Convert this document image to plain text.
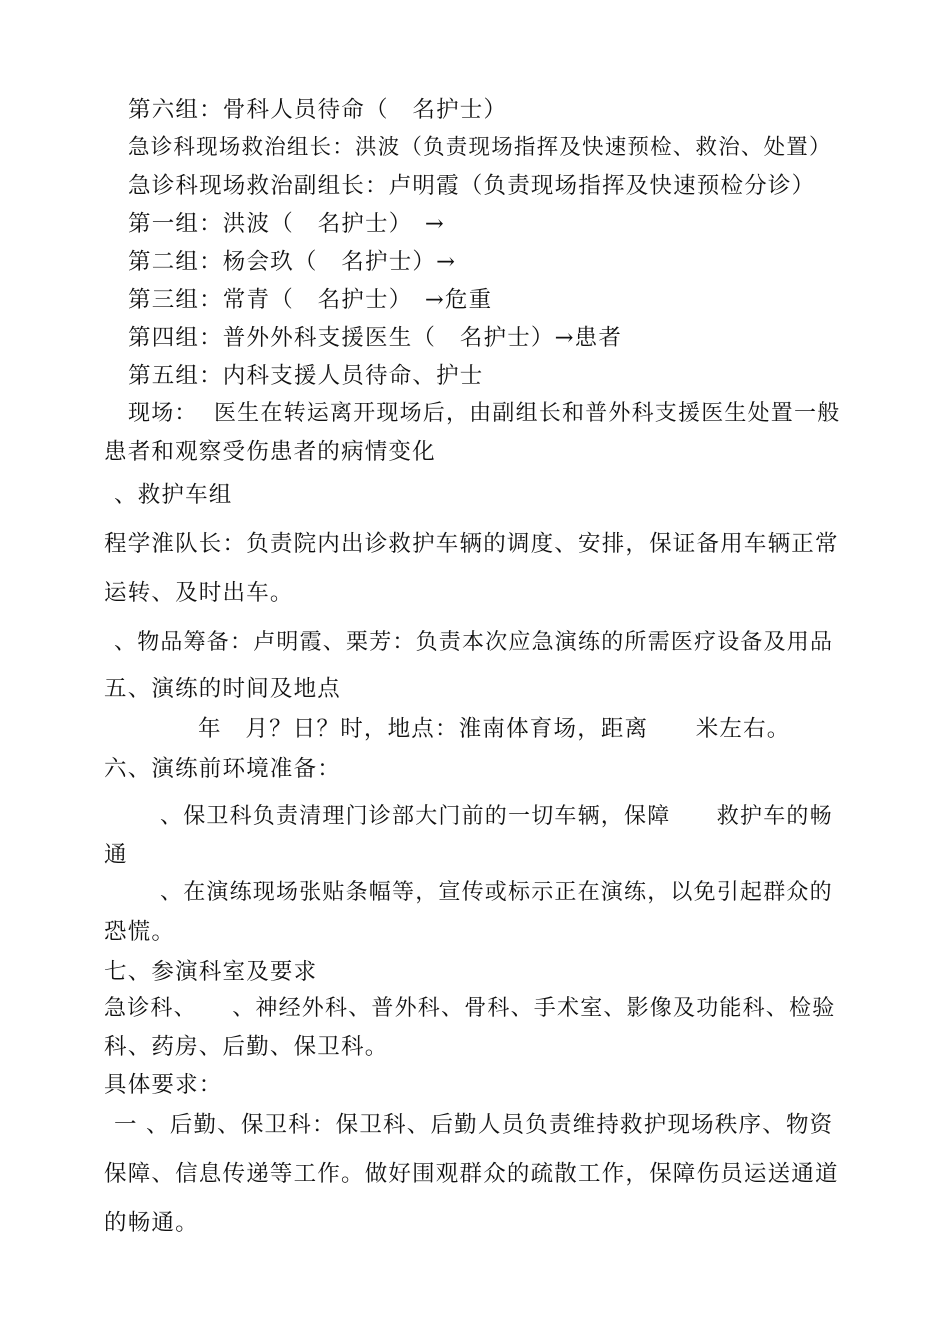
第六组：骨科人员待命（　名护士）
急诊科现场救治组长：洪波（负责现场指挥及快速预检、救治、处置）
急诊科现场救治副组长：卢明霞（负责现场指挥及快速预检分诊）
第一组：洪波（　名护士）　→
第二组：杨会玖（　名护士）→
第三组：常青（　名护士）　→危重
第四组：普外外科支援医生（　名护士）→患者
第五组：内科支援人员待命、护士
现场：  医生在转运离开现场后，由副组长和普外科支援医生处置一般
患者和观察受伤患者的病情变化
、救护车组
程学淮队长：负责院内出诊救护车辆的调度、安排，保证备用车辆正常
运转、及时出车。
、物品筹备：卢明霞、栗芳：负责本次应急演练的所需医疗设备及用品
五、演练的时间及地点
年　月？日？时，地点：淮南体育场，距离　　米左右。
六、演练前环境准备：
、保卫科负责清理门诊部大门前的一切车辆，保障　　救护车的畅
通
、在演练现场张贴条幅等，宣传或标示正在演练，以免引起群众的
恐慌。
七、参演科室及要求
急诊科、　　、神经外科、普外科、骨科、手术室、影像及功能科、检验
科、药房、后勤、保卫科。
具体要求：
一 、后勤、保卫科：保卫科、后勤人员负责维持救护现场秩序、物资
保障、信息传递等工作。做好围观群众的疏散工作，保障伤员运送通道
的畅通。
